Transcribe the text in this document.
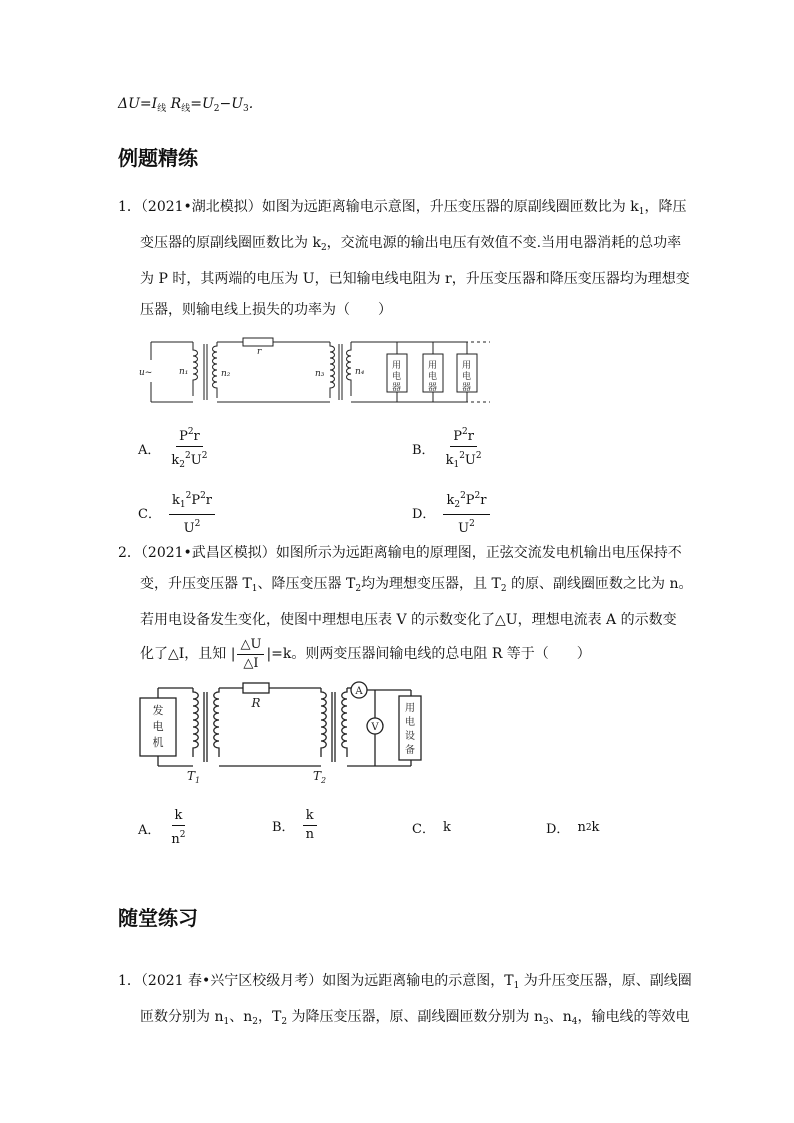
$\Delta U=I_线$ $R_线=U_2-U_3$.
例题精练
1．（2021•湖北模拟）如图为远距离输电示意图，升压变压器的原副线圈匝数比为 $k_1$，降压
变压器的原副线圈匝数比为 $k_2$，交流电源的输出电压有效值不变.当用电器消耗的总功率
为 P 时，其两端的电压为 U，已知输电线电阻为 r，升压变压器和降压变压器均为理想变
压器，则输电线上损失的功率为（　　）
u~	n₁	n₂	n₃	n₄
r
用电器
用电器
用电器
A． $\frac{P^2r}{k_2^2U^2}$	B． $\frac{P^2r}{k_1^2U^2}$
C． $\frac{k_1^2P^2r}{U^2}$	D． $\frac{k_2^2P^2r}{U^2}$
2．（2021•武昌区模拟）如图所示为远距离输电的原理图，正弦交流发电机输出电压保持不
变，升压变压器 $T_1$、降压变压器 $T_2$均为理想变压器，且 $T_2$ 的原、副线圈匝数之比为 n。
若用电设备发生变化，使图中理想电压表 V 的示数变化了△U，理想电流表 A 的示数变
化了△I，且知 | $\frac{\triangle U}{\triangle I} |=k$。则两变压器间输电线的总电阻 R 等于（　　）
发
电
机
R
$T_1$	$T_2$
A
V
用
电
设
备
A． $\frac{k}{n^2}$	B． $\frac{k}{n}$	C． k	D． n 2 k
随堂练习
1．（2021 春•兴宁区校级月考）如图为远距离输电的示意图，$T_1$ 为升压变压器，原、副线圈
匝数分别为 $n_1$、$n_2$，$T_2$ 为降压变压器，原、副线圈匝数分别为 $n_3$、$n_4$，输电线的等效电
